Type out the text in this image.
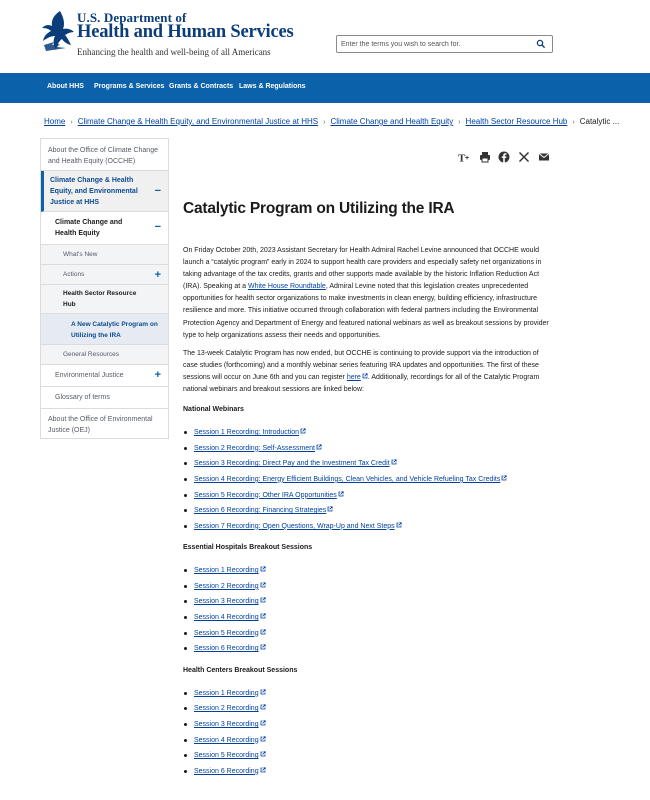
U.S. Department of
Health and Human Services
Enhancing the health and well-being of all Americans
Enter the terms you wish to search for.
About HHS Programs & Services Grants & Contracts Laws & Regulations
Home › Climate Change & Health Equity, and Environmental Justice at HHS › Climate Change and Health Equity › Health Sector Resource Hub › Catalytic ...
About the Office of Climate Change and Health Equity (OCCHE)
Climate Change & Health Equity, and Environmental Justice at HHS
−
Climate Change and Health Equity
−
What's New
Actions	+
Health Sector Resource Hub
A New Catalytic Program on Utilizing the IRA
General Resources
Environmental Justice	+
Glossary of terms
About the Office of Environmental Justice (OEJ)
T +
Catalytic Program on Utilizing the IRA

On Friday October 20th, 2023 Assistant Secretary for Health Admiral Rachel Levine announced that OCCHE would launch a “catalytic program” early in 2024 to support health care providers and especially safety net organizations in taking advantage of the tax credits, grants and other supports made available by the historic Inflation Reduction Act (IRA). Speaking at a White House Roundtable, Admiral Levine noted that this legislation creates unprecedented opportunities for health sector organizations to make investments in clean energy, building efficiency, infrastructure resilience and more. This initiative occurred through collaboration with federal partners including the Environmental Protection Agency and Department of Energy and featured national webinars as well as breakout sessions by provider type to help organizations assess their needs and opportunities.

The 13-week Catalytic Program has now ended, but OCCHE is continuing to provide support via the introduction of case studies (forthcoming) and a monthly webinar series featuring IRA updates and opportunities. The first of these sessions will occur on June 6th and you can register here . Additionally, recordings for all of the Catalytic Program national webinars and breakout sessions are linked below:

National Webinars
Session 1 Recording: Introduction
Session 2 Recording: Self-Assessment
Session 3 Recording: Direct Pay and the Investment Tax Credit
Session 4 Recording: Energy Efficient Buildings, Clean Vehicles, and Vehicle Refueling Tax Credits
Session 5 Recording: Other IRA Opportunities
Session 6 Recording: Financing Strategies
Session 7 Recording: Open Questions, Wrap-Up and Next Steps
Essential Hospitals Breakout Sessions
Session 1 Recording
Session 2 Recording
Session 3 Recording
Session 4 Recording
Session 5 Recording
Session 6 Recording
Health Centers Breakout Sessions
Session 1 Recording
Session 2 Recording
Session 3 Recording
Session 4 Recording
Session 5 Recording
Session 6 Recording
